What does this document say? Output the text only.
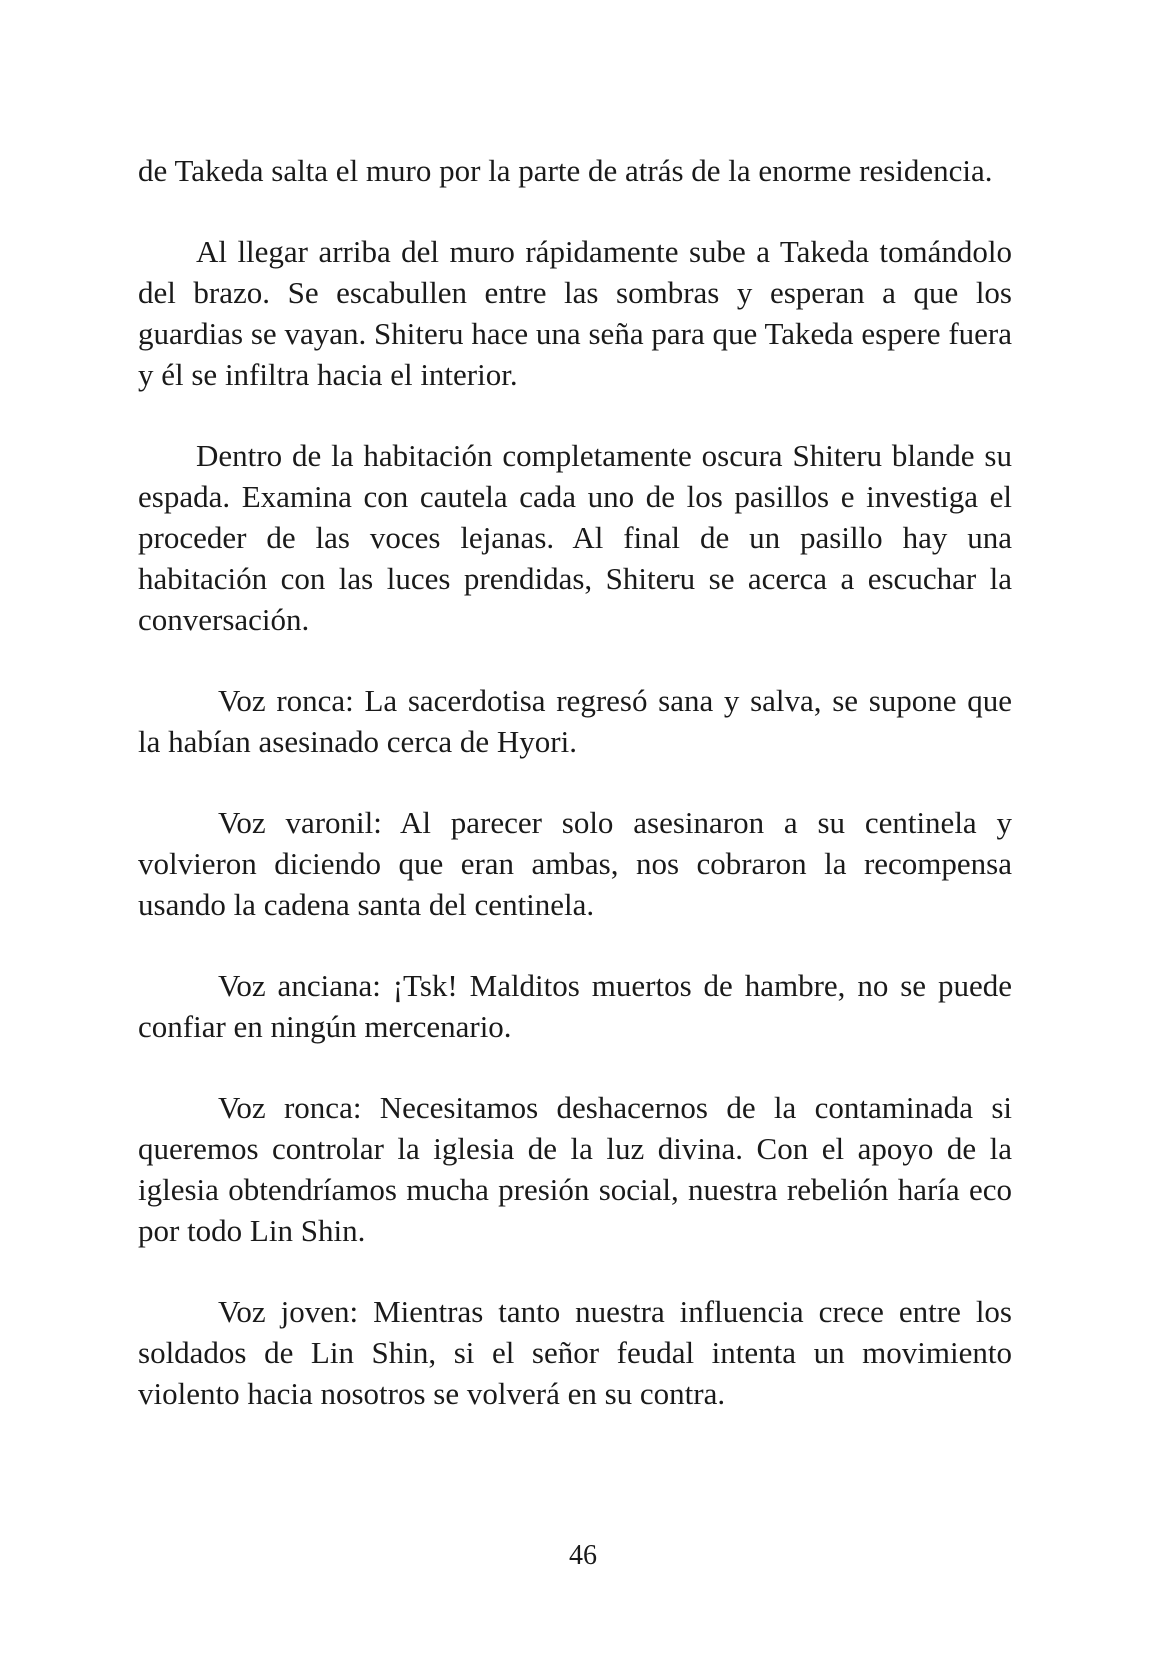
de Takeda salta el muro por la parte de atrás de la enorme residencia.

Al llegar arriba del muro rápidamente sube a Takeda tomándolo del brazo. Se escabullen entre las sombras y esperan a que los guardias se vayan. Shiteru hace una seña para que Takeda espere fuera y él se infiltra hacia el interior.

Dentro de la habitación completamente oscura Shiteru blande su espada. Examina con cautela cada uno de los pasillos e investiga el proceder de las voces lejanas. Al final de un pasillo hay una habitación con las luces prendidas, Shiteru se acerca a escuchar la conversación.

Voz ronca: La sacerdotisa regresó sana y salva, se supone que la habían asesinado cerca de Hyori.

Voz varonil: Al parecer solo asesinaron a su centinela y volvieron diciendo que eran ambas, nos cobraron la recompensa usando la cadena santa del centinela.

Voz anciana: ¡Tsk! Malditos muertos de hambre, no se puede confiar en ningún mercenario.

Voz ronca: Necesitamos deshacernos de la contaminada si queremos controlar la iglesia de la luz divina. Con el apoyo de la iglesia obtendríamos mucha presión social, nuestra rebelión haría eco por todo Lin Shin.

Voz joven: Mientras tanto nuestra influencia crece entre los soldados de Lin Shin, si el señor feudal intenta un movimiento violento hacia nosotros se volverá en su contra.

46
